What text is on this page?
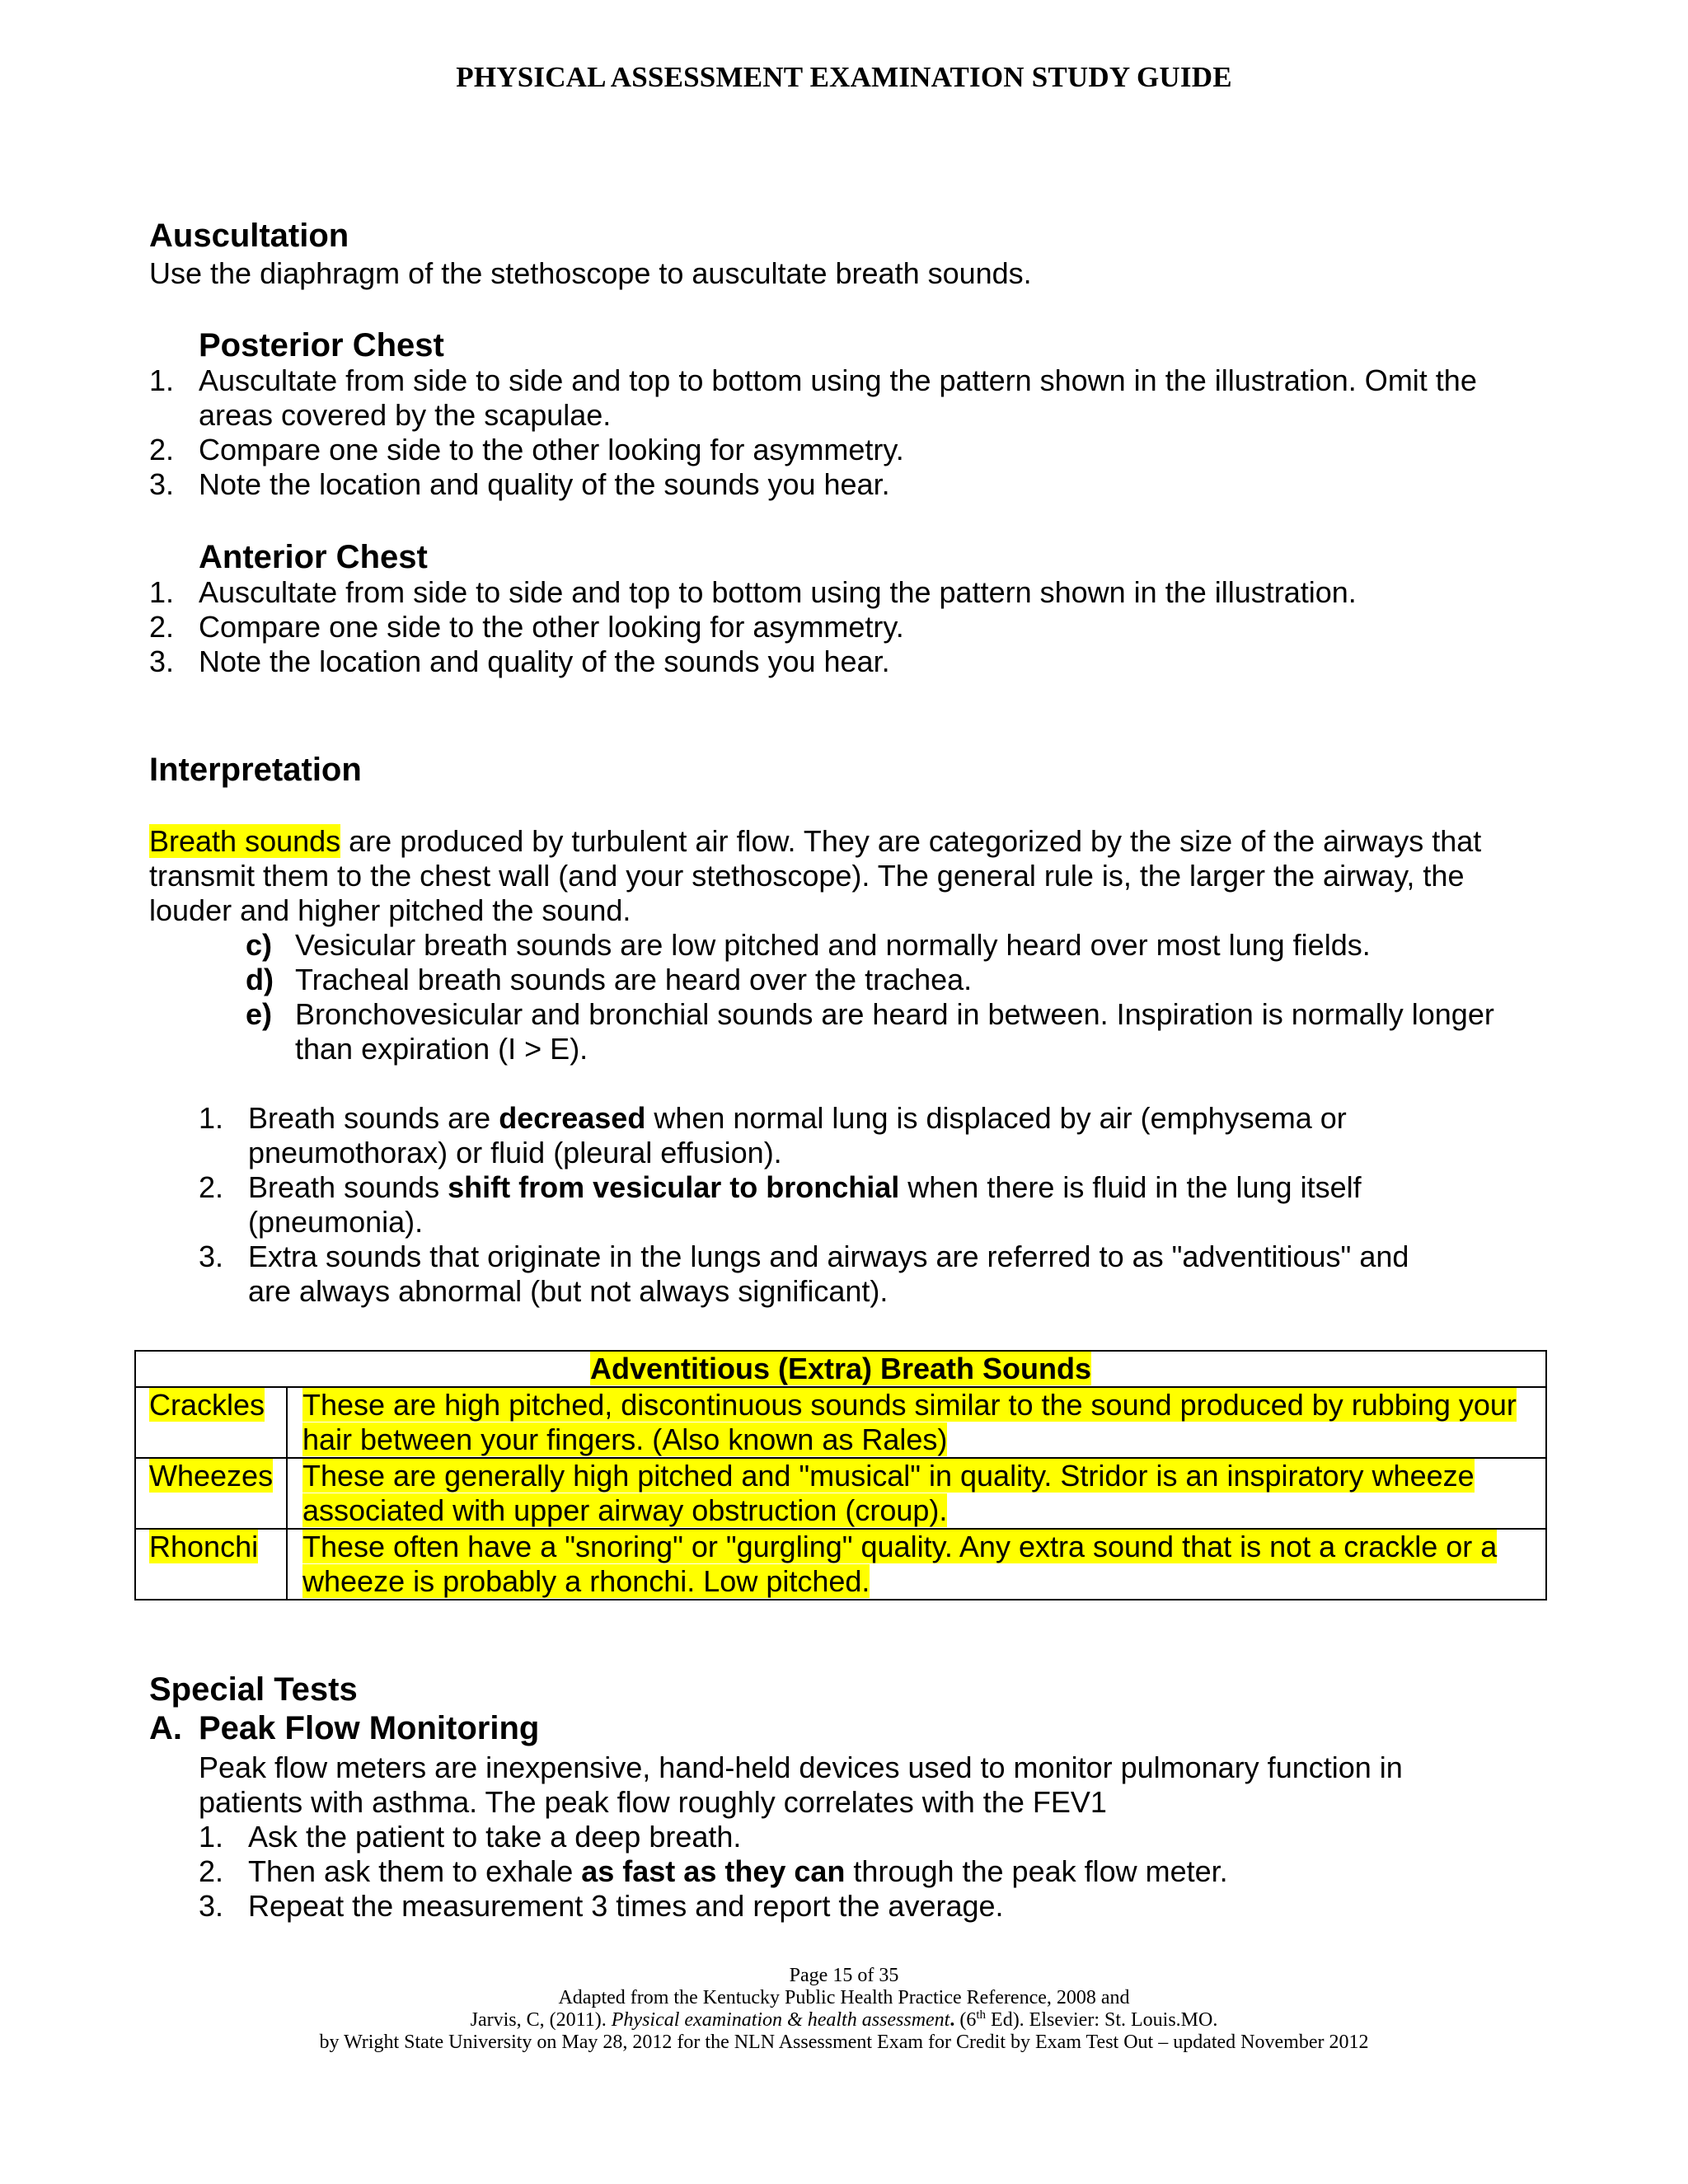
PHYSICAL ASSESSMENT EXAMINATION STUDY GUIDE
Auscultation
Use the diaphragm of the stethoscope to auscultate breath sounds.
Posterior Chest
1. Auscultate from side to side and top to bottom using the pattern shown in the illustration. Omit the areas covered by the scapulae.
2. Compare one side to the other looking for asymmetry.
3. Note the location and quality of the sounds you hear.
Anterior Chest
1. Auscultate from side to side and top to bottom using the pattern shown in the illustration.
2. Compare one side to the other looking for asymmetry.
3. Note the location and quality of the sounds you hear.
Interpretation
Breath sounds are produced by turbulent air flow. They are categorized by the size of the airways that transmit them to the chest wall (and your stethoscope). The general rule is, the larger the airway, the louder and higher pitched the sound.
c) Vesicular breath sounds are low pitched and normally heard over most lung fields.
d) Tracheal breath sounds are heard over the trachea.
e) Bronchovesicular and bronchial sounds are heard in between. Inspiration is normally longer than expiration (I > E).
1. Breath sounds are decreased when normal lung is displaced by air (emphysema or pneumothorax) or fluid (pleural effusion).
2. Breath sounds shift from vesicular to bronchial when there is fluid in the lung itself (pneumonia).
3. Extra sounds that originate in the lungs and airways are referred to as "adventitious" and are always abnormal (but not always significant).
Adventitious (Extra) Breath Sounds	
Crackles	These are high pitched, discontinuous sounds similar to the sound produced by rubbing your hair between your fingers. (Also known as Rales)
Wheezes	These are generally high pitched and "musical" in quality. Stridor is an inspiratory wheeze associated with upper airway obstruction (croup).
Rhonchi	These often have a "snoring" or "gurgling" quality. Any extra sound that is not a crackle or a wheeze is probably a rhonchi. Low pitched.
Special Tests
A. Peak Flow Monitoring
Peak flow meters are inexpensive, hand-held devices used to monitor pulmonary function in patients with asthma. The peak flow roughly correlates with the FEV1
1. Ask the patient to take a deep breath.
2. Then ask them to exhale as fast as they can through the peak flow meter.
3. Repeat the measurement 3 times and report the average.
Page 15 of 35
Adapted from the Kentucky Public Health Practice Reference, 2008 and
Jarvis, C, (2011). Physical examination & health assessment. (6th Ed). Elsevier: St. Louis.MO.
by Wright State University on May 28, 2012 for the NLN Assessment Exam for Credit by Exam Test Out – updated November 2012
